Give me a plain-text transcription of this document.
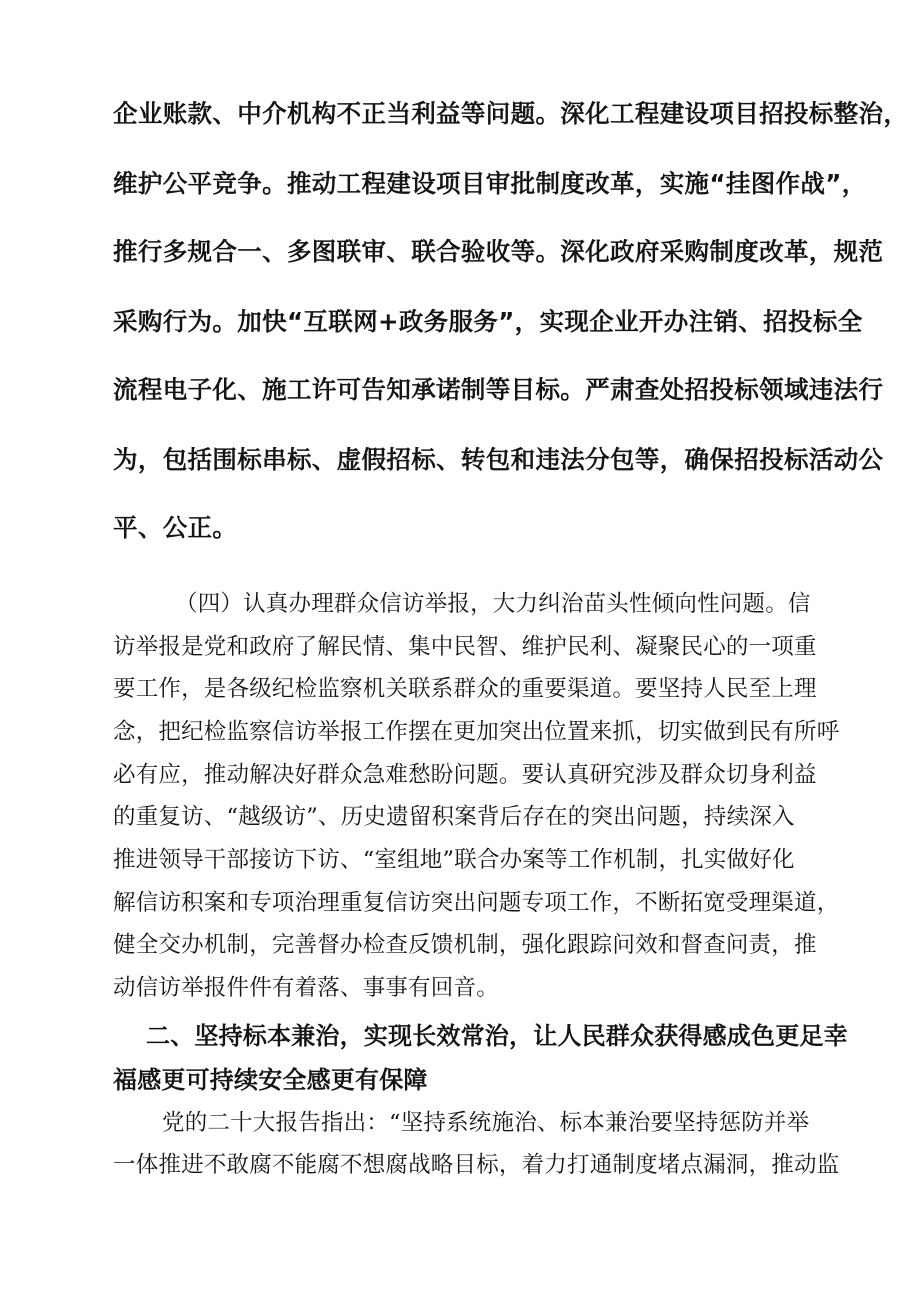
企业账款、中介机构不正当利益等问题。深化工程建设项目招投标整治，

维护公平竞争。推动工程建设项目审批制度改革，实施“挂图作战”，

推行多规合一、多图联审、联合验收等。深化政府采购制度改革，规范

采购行为。加快“互联网+政务服务”，实现企业开办注销、招投标全

流程电子化、施工许可告知承诺制等目标。严肃查处招投标领域违法行

为，包括围标串标、虚假招标、转包和违法分包等，确保招投标活动公

平、公正。

（四）认真办理群众信访举报，大力纠治苗头性倾向性问题。信

访举报是党和政府了解民情、集中民智、维护民利、凝聚民心的一项重

要工作，是各级纪检监察机关联系群众的重要渠道。要坚持人民至上理

念，把纪检监察信访举报工作摆在更加突出位置来抓，切实做到民有所呼

必有应，推动解决好群众急难愁盼问题。要认真研究涉及群众切身利益

的重复访、“越级访”、历史遗留积案背后存在的突出问题，持续深入

推进领导干部接访下访、“室组地”联合办案等工作机制，扎实做好化

解信访积案和专项治理重复信访突出问题专项工作，不断拓宽受理渠道，

健全交办机制，完善督办检查反馈机制，强化跟踪问效和督查问责，推

动信访举报件件有着落、事事有回音。

二、坚持标本兼治，实现长效常治，让人民群众获得感成色更足幸

福感更可持续安全感更有保障

党的二十大报告指出：“坚持系统施治、标本兼治要坚持惩防并举

一体推进不敢腐不能腐不想腐战略目标，着力打通制度堵点漏洞，推动监
